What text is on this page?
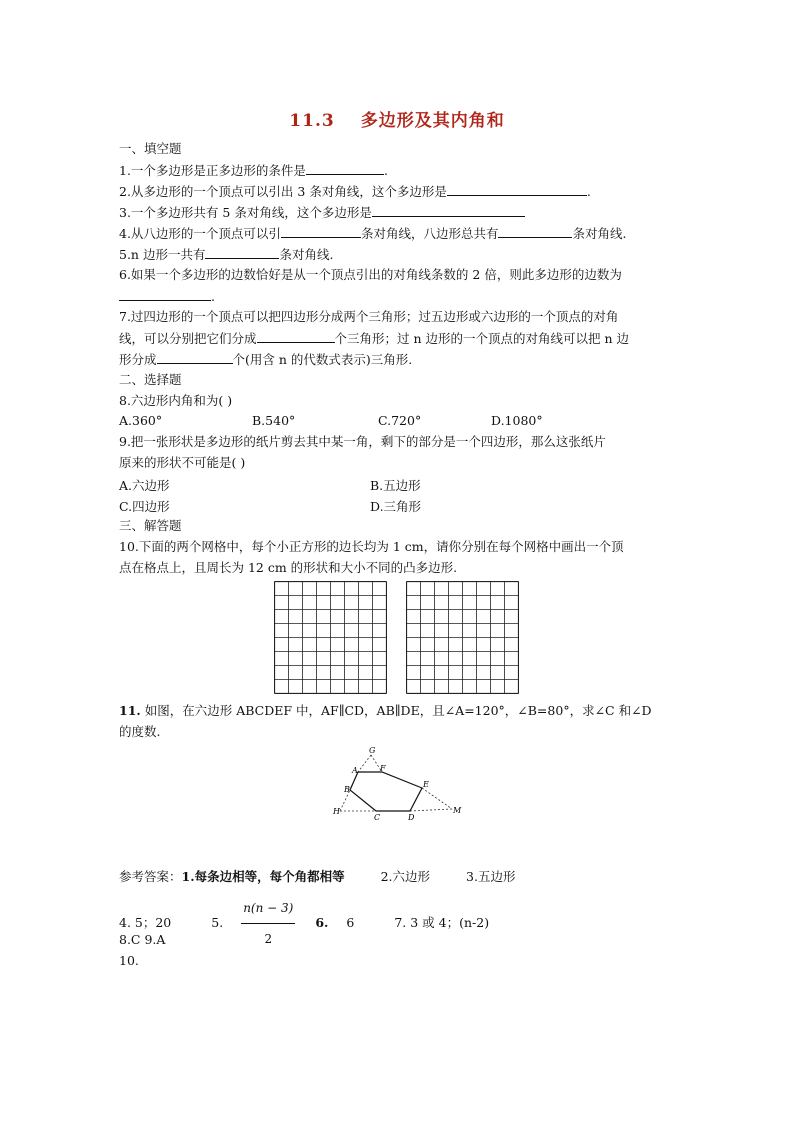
11.3 多边形及其内角和
一、填空题
1.一个多边形是正多边形的条件是	.
2.从多边形的一个顶点可以引出 3 条对角线，这个多边形是	.
3.一个多边形共有 5 条对角线，这个多边形是
4.从八边形的一个顶点可以引	条对角线，八边形总共有	条对角线.
5.n 边形一共有	条对角线.
6.如果一个多边形的边数恰好是从一个顶点引出的对角线条数的 2 倍，则此多边形的边数为
.
7.过四边形的一个顶点可以把四边形分成两个三角形；过五边形或六边形的一个顶点的对角
线，可以分别把它们分成	个三角形；过 n 边形的一个顶点的对角线可以把 n 边
形分成	个(用含 n 的代数式表示)三角形.
二、选择题
8.六边形内角和为( )
A.360°	B.540°	C.720°	D.1080°
9.把一张形状是多边形的纸片剪去其中某一角，剩下的部分是一个四边形，那么这张纸片
原来的形状不可能是( )
A.六边形	B.五边形
C.四边形	D.三角形
三、解答题
10.下面的两个网格中，每个小正方形的边长均为 1 cm，请你分别在每个网格中画出一个顶
点在格点上，且周长为 12 cm 的形状和大小不同的凸多边形.
11. 如图，在六边形 ABCDEF 中，AF∥CD，AB∥DE，且∠A=120°，∠B=80°，求∠C 和∠D
的度数.
G
A	F
E
B
H
C	D
M
参考答案：1.每条边相等，每个角都相等	2.六边形	3.五边形
4. 5；20	5. $\frac{n(n - 3)}{2} 6$. 6	7. 3 或 4；(n-2)
8.C 9.A
10.
